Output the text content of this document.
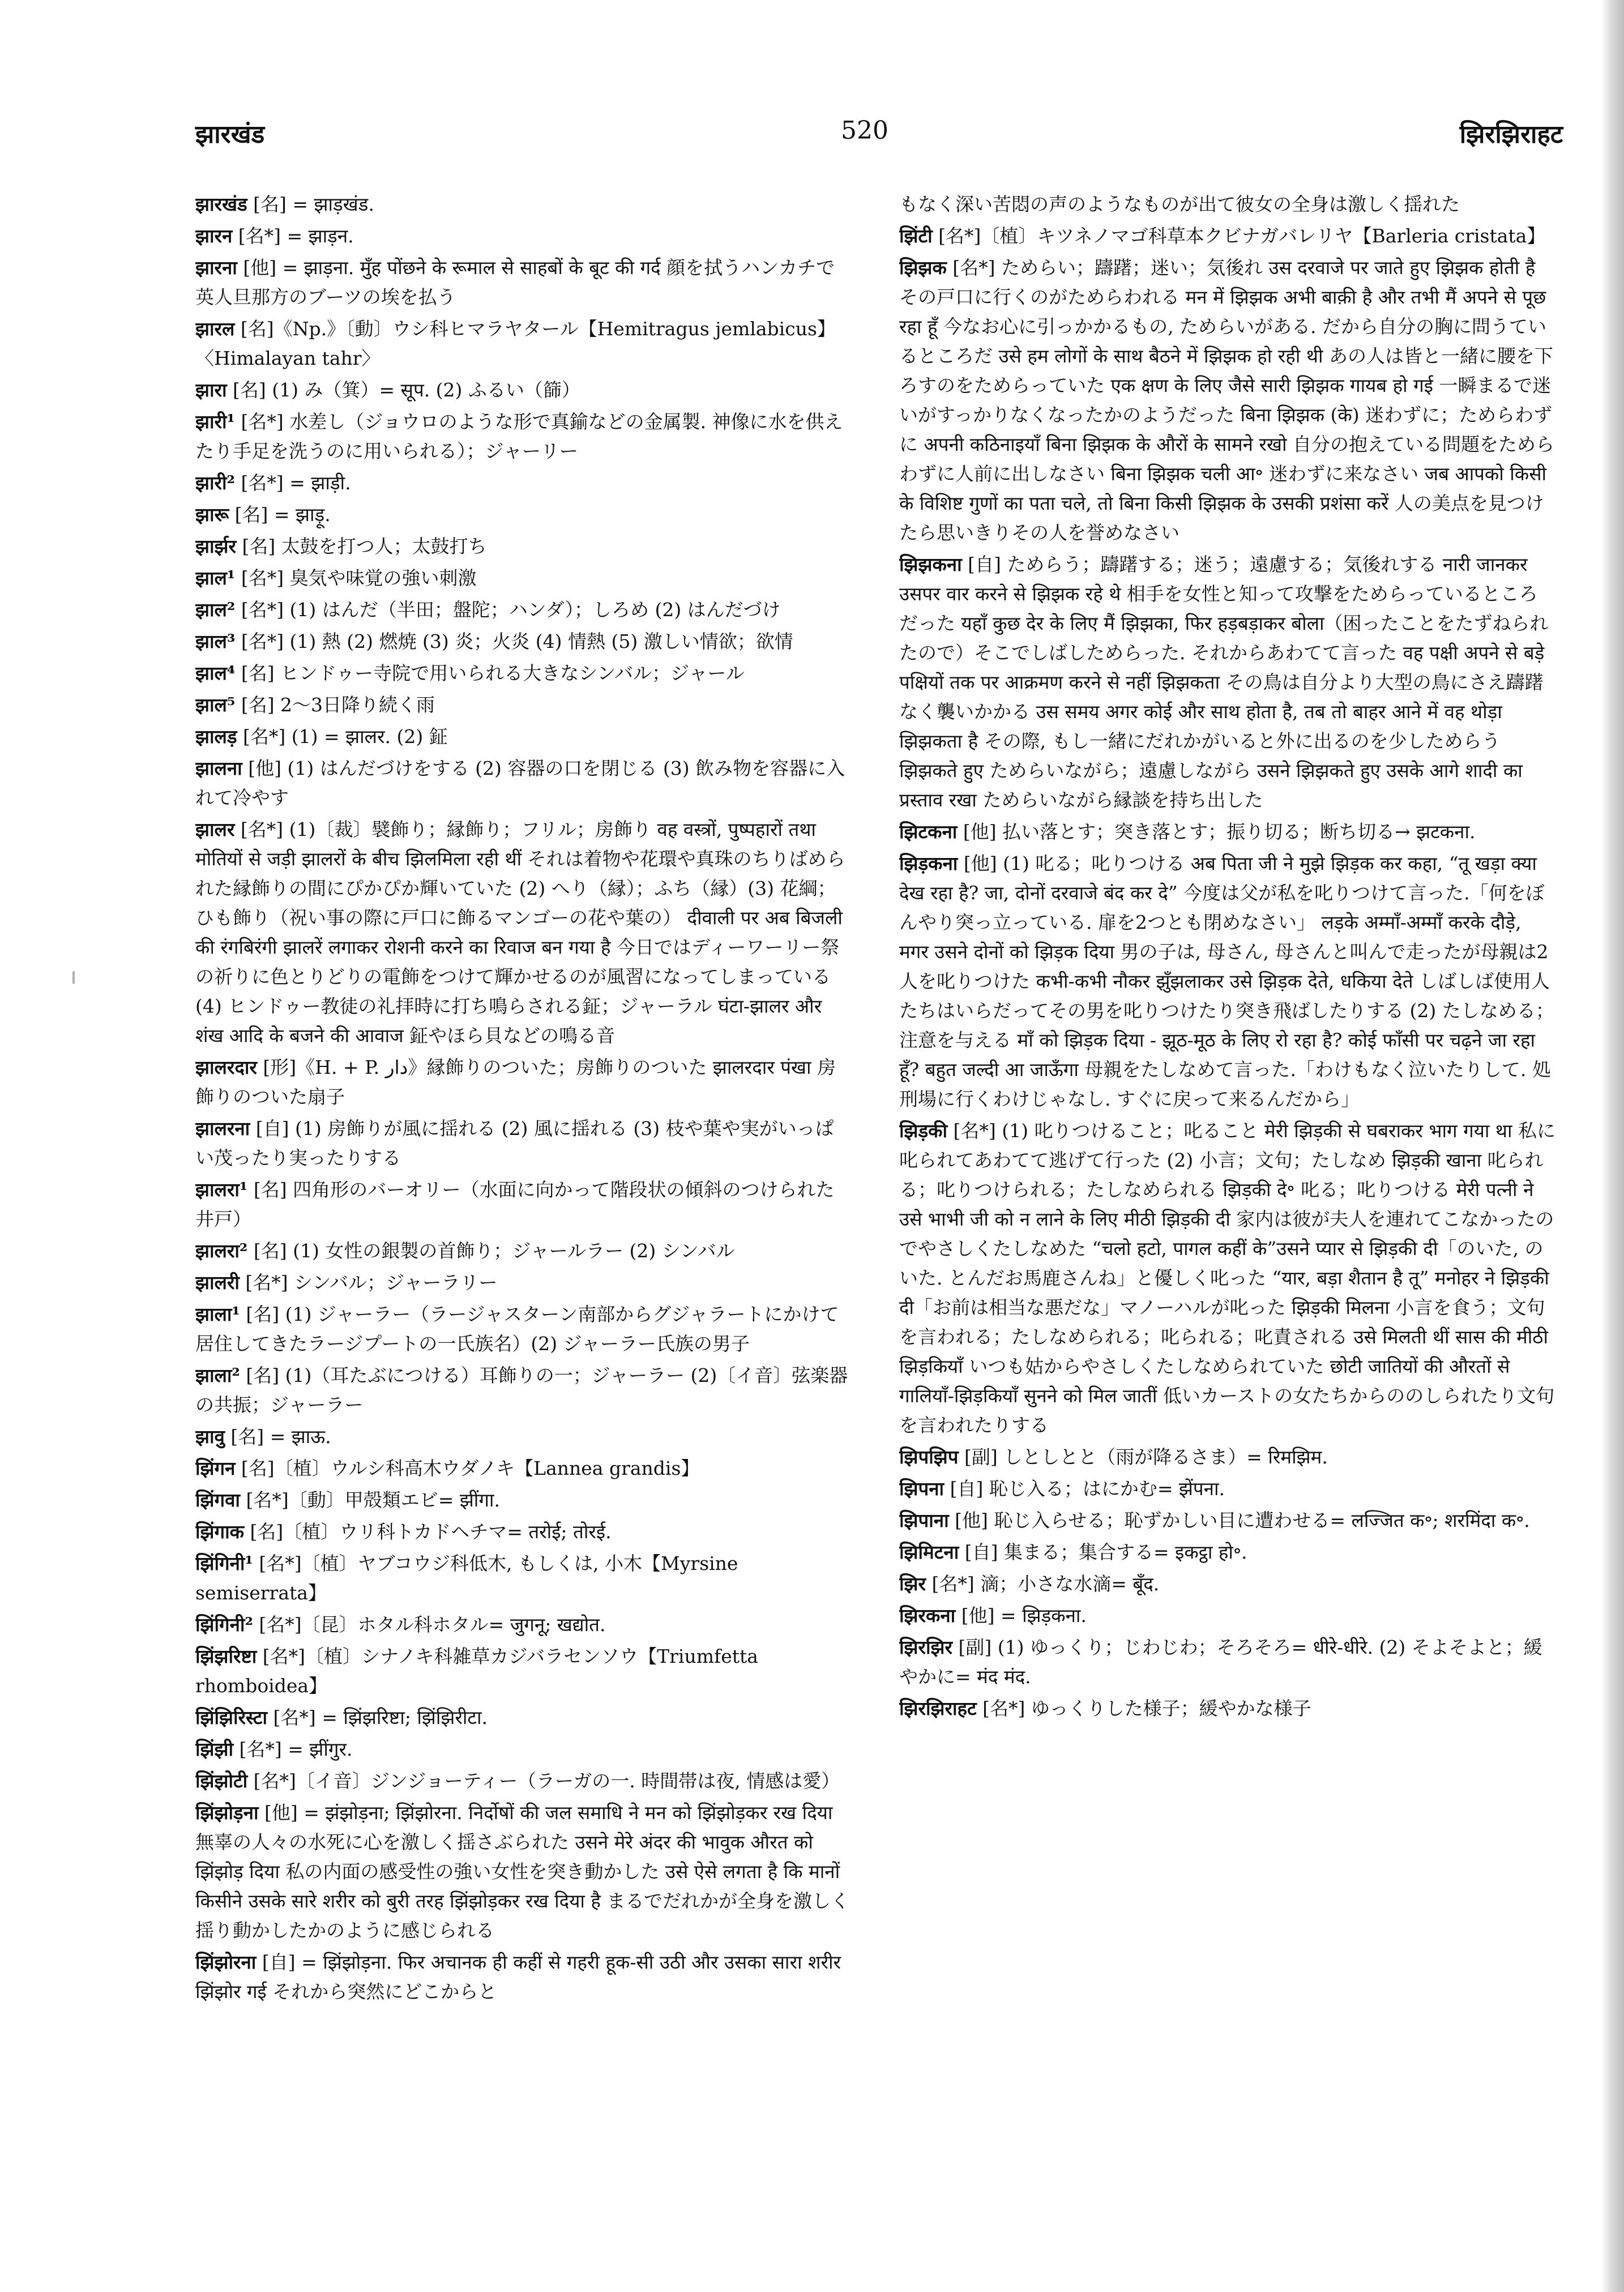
झारखंड	520	झिरझिराहट

झारखंड [名] = झाड़खंड.

झारन [名*] = झाड़न.

झारना [他] = झाड़ना. मुँह पोंछने के रूमाल से साहबों के बूट की गर्द 顔を拭うハンカチで英人旦那方のブーツの埃を払う

झारल [名]《Np.》〔動〕ウシ科ヒマラヤタール【Hemitragus jemlabicus】〈Himalayan tahr〉

झारा [名] (1) み（箕）= सूप. (2) ふるい（篩）

झारी¹ [名*] 水差し（ジョウロのような形で真鍮などの金属製. 神像に水を供えたり手足を洗うのに用いられる）；ジャーリー

झारी² [名*] = झाड़ी.

झारू [名] = झाड़ू.

झार्झर [名] 太鼓を打つ人；太鼓打ち

झाल¹ [名*] 臭気や味覚の強い刺激

झाल² [名*] (1) はんだ（半田；盤陀；ハンダ）；しろめ (2) はんだづけ

झाल³ [名*] (1) 熱 (2) 燃焼 (3) 炎；火炎 (4) 情熱 (5) 激しい情欲；欲情

झाल⁴ [名] ヒンドゥー寺院で用いられる大きなシンバル；ジャール

झाल⁵ [名] 2〜3日降り続く雨

झालड़ [名*] (1) = झालर. (2) 鉦

झालना [他] (1) はんだづけをする (2) 容器の口を閉じる (3) 飲み物を容器に入れて冷やす

झालर [名*] (1)〔裁〕襞飾り；縁飾り；フリル；房飾り वह वस्त्रों, पुष्पहारों तथा मोतियों से जड़ी झालरों के बीच झिलमिला रही थीं それは着物や花環や真珠のちりばめられた縁飾りの間にぴかぴか輝いていた (2) へり（縁）；ふち（縁）(3) 花綱；ひも飾り（祝い事の際に戸口に飾るマンゴーの花や葉の） दीवाली पर अब बिजली की रंगबिरंगी झालरें लगाकर रोशनी करने का रिवाज बन गया है 今日ではディーワーリー祭の祈りに色とりどりの電飾をつけて輝かせるのが風習になってしまっている (4) ヒンドゥー教徒の礼拝時に打ち鳴らされる鉦；ジャーラル घंटा-झालर और शंख आदि के बजने की आवाज 鉦やほら貝などの鳴る音

झालरदार [形]《H. + P. دار》縁飾りのついた；房飾りのついた झालरदार पंखा 房飾りのついた扇子

झालरना [自] (1) 房飾りが風に揺れる (2) 風に揺れる (3) 枝や葉や実がいっぱい茂ったり実ったりする

झालरा¹ [名] 四角形のバーオリー（水面に向かって階段状の傾斜のつけられた井戸）

झालरा² [名] (1) 女性の銀製の首飾り；ジャールラー (2) シンバル

झालरी [名*] シンバル；ジャーラリー

झाला¹ [名] (1) ジャーラー（ラージャスターン南部からグジャラートにかけて居住してきたラージプートの一氏族名）(2) ジャーラー氏族の男子

झाला² [名] (1)（耳たぶにつける）耳飾りの一；ジャーラー (2)〔イ音〕弦楽器の共振；ジャーラー

झावु [名] = झाऊ.

झिंगन [名]〔植〕ウルシ科高木ウダノキ【Lannea grandis】

झिंगवा [名*]〔動〕甲殻類エビ= झींगा.

झिंगाक [名]〔植〕ウリ科トカドヘチマ= तरोई; तोरई.

झिंगिनी¹ [名*]〔植〕ヤブコウジ科低木, もしくは, 小木【Myrsine semiserrata】

झिंगिनी² [名*]〔昆〕ホタル科ホタル= जुगनू; खद्योत.

झिंझरिष्टा [名*]〔植〕シナノキ科雑草カジバラセンソウ【Triumfetta rhomboidea】

झिंझिरिस्टा [名*] = झिंझरिष्टा; झिंझिरीटा.

झिंझी [名*] = झींगुर.

झिंझोटी [名*]〔イ音〕ジンジョーティー（ラーガの一. 時間帯は夜, 情感は愛）

झिंझोड़ना [他] = झंझोड़ना; झिंझोरना. निर्दोषों की जल समाधि ने मन को झिंझोड़कर रख दिया 無辜の人々の水死に心を激しく揺さぶられた उसने मेरे अंदर की भावुक औरत को झिंझोड़ दिया 私の内面の感受性の強い女性を突き動かした उसे ऐसे लगता है कि मानों किसीने उसके सारे शरीर को बुरी तरह झिंझोड़कर रख दिया है まるでだれかが全身を激しく揺り動かしたかのように感じられる

झिंझोरना [自] = झिंझोड़ना. फिर अचानक ही कहीं से गहरी हूक-सी उठी और उसका सारा शरीर झिंझोर गई それから突然にどこからと

もなく深い苦悶の声のようなものが出て彼女の全身は激しく揺れた

झिंटी [名*]〔植〕キツネノマゴ科草本クビナガバレリヤ【Barleria cristata】

झिझक [名*] ためらい；躊躇；迷い；気後れ उस दरवाजे पर जाते हुए झिझक होती है その戸口に行くのがためらわれる मन में झिझक अभी बाक़ी है और तभी मैं अपने से पूछ रहा हूँ 今なお心に引っかかるもの, ためらいがある. だから自分の胸に問うているところだ उसे हम लोगों के साथ बैठने में झिझक हो रही थी あの人は皆と一緒に腰を下ろすのをためらっていた एक क्षण के लिए जैसे सारी झिझक गायब हो गई 一瞬まるで迷いがすっかりなくなったかのようだった बिना झिझक (के) 迷わずに；ためらわずに अपनी कठिनाइयाँ बिना झिझक के औरों के सामने रखो 自分の抱えている問題をためらわずに人前に出しなさい बिना झिझक चली आ॰ 迷わずに来なさい जब आपको किसी के विशिष्ट गुणों का पता चले, तो बिना किसी झिझक के उसकी प्रशंसा करें 人の美点を見つけたら思いきりその人を誉めなさい

झिझकना [自] ためらう；躊躇する；迷う；遠慮する；気後れする नारी जानकर उसपर वार करने से झिझक रहे थे 相手を女性と知って攻撃をためらっているところだった यहाँ कुछ देर के लिए मैं झिझका, फिर हड़बड़ाकर बोला（困ったことをたずねられたので）そこでしばしためらった. それからあわてて言った वह पक्षी अपने से बड़े पक्षियों तक पर आक्रमण करने से नहीं झिझकता その鳥は自分より大型の鳥にさえ躊躇なく襲いかかる उस समय अगर कोई और साथ होता है, तब तो बाहर आने में वह थोड़ा झिझकता है その際, もし一緒にだれかがいると外に出るのを少しためらう झिझकते हुए ためらいながら；遠慮しながら उसने झिझकते हुए उसके आगे शादी का प्रस्ताव रखा ためらいながら縁談を持ち出した

झिटकना [他] 払い落とす；突き落とす；振り切る；断ち切る→ झटकना.

झिड़कना [他] (1) 叱る；叱りつける अब पिता जी ने मुझे झिड़क कर कहा, “तू खड़ा क्या देख रहा है? जा, दोनों दरवाजे बंद कर दे” 今度は父が私を叱りつけて言った.「何をぼんやり突っ立っている. 扉を2つとも閉めなさい」 लड़के अम्माँ-अम्माँ करके दौड़े, मगर उसने दोनों को झिड़क दिया 男の子は, 母さん, 母さんと叫んで走ったが母親は2人を叱りつけた कभी-कभी नौकर झुँझलाकर उसे झिड़क देते, धकिया देते しばしば使用人たちはいらだってその男を叱りつけたり突き飛ばしたりする (2) たしなめる；注意を与える माँ को झिड़क दिया - झूठ-मूठ के लिए रो रहा है? कोई फाँसी पर चढ़ने जा रहा हूँ? बहुत जल्दी आ जाऊँगा 母親をたしなめて言った.「わけもなく泣いたりして. 処刑場に行くわけじゃなし. すぐに戻って来るんだから」

झिड़की [名*] (1) 叱りつけること；叱ること मेरी झिड़की से घबराकर भाग गया था 私に叱られてあわてて逃げて行った (2) 小言；文句；たしなめ झिड़की खाना 叱られる；叱りつけられる；たしなめられる झिड़की दे॰ 叱る；叱りつける मेरी पत्नी ने उसे भाभी जी को न लाने के लिए मीठी झिड़की दी 家内は彼が夫人を連れてこなかったのでやさしくたしなめた “चलो हटो, पागल कहीं के”उसने प्यार से झिड़की दी「のいた, のいた. とんだお馬鹿さんね」と優しく叱った “यार, बड़ा शैतान है तू” मनोहर ने झिड़की दी「お前は相当な悪だな」マノーハルが叱った झिड़की मिलना 小言を食う；文句を言われる；たしなめられる；叱られる；叱責される उसे मिलती थीं सास की मीठी झिड़कियाँ いつも姑からやさしくたしなめられていた छोटी जातियों की औरतों से गालियाँ-झिड़कियाँ सुनने को मिल जातीं 低いカーストの女たちからののしられたり文句を言われたりする

झिपझिप [副] しとしとと（雨が降るさま）= रिमझिम.

झिपना [自] 恥じ入る；はにかむ= झेंपना.

झिपाना [他] 恥じ入らせる；恥ずかしい目に遭わせる= लज्जित क॰; शरमिंदा क॰.

झिमिटना [自] 集まる；集合する= इकट्ठा हो॰.

झिर [名*] 滴；小さな水滴= बूँद.

झिरकना [他] = झिड़कना.

झिरझिर [副] (1) ゆっくり；じわじわ；そろそろ= धीरे-धीरे. (2) そよそよと；緩やかに= मंद मंद.

झिरझिराहट [名*] ゆっくりした様子；緩やかな様子
